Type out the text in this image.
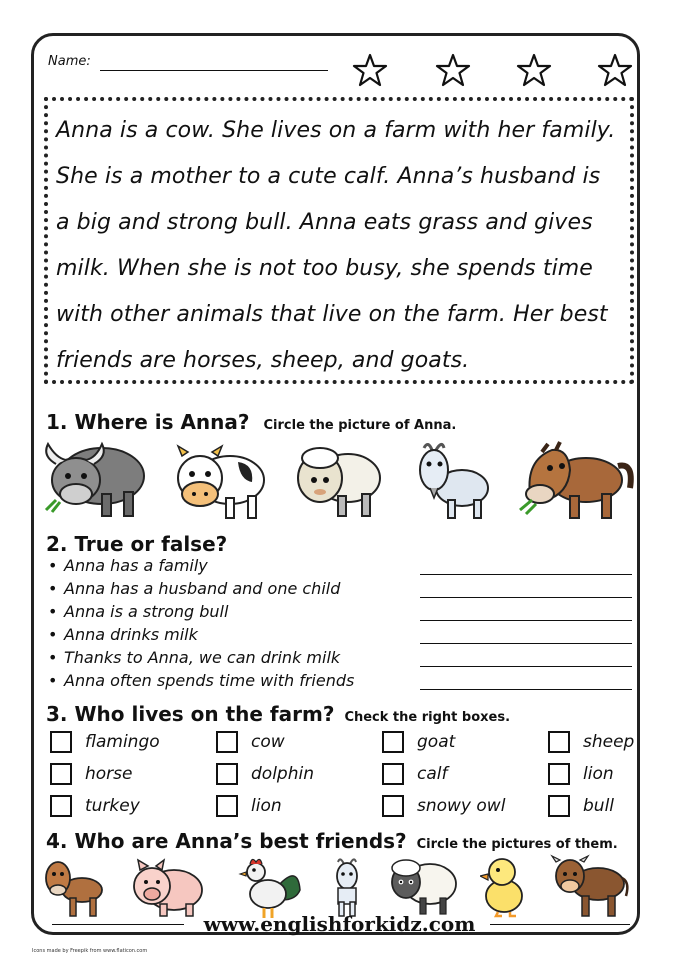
Name:
Anna is a cow. She lives on a farm with her family.
She is a mother to a cute calf. Anna’s husband is
a big and strong bull. Anna eats grass and gives
milk. When she is not too busy, she spends time
with other animals that live on the farm. Her best
friends are horses, sheep, and goats.
1. Where is Anna? Circle the picture of Anna.
2. True or false?
• Anna has a family
• Anna has a husband and one child
• Anna is a strong bull
• Anna drinks milk
• Thanks to Anna, we can drink milk
• Anna often spends time with friends
3. Who lives on the farm? Check the right boxes.
flamingo	cow	goat	sheep
horse	dolphin	calf	lion
turkey	lion	snowy owl	bull
4. Who are Anna’s best friends? Circle the pictures of them.
www.englishforkidz.com
Icons made by Freepik from www.flaticon.com
